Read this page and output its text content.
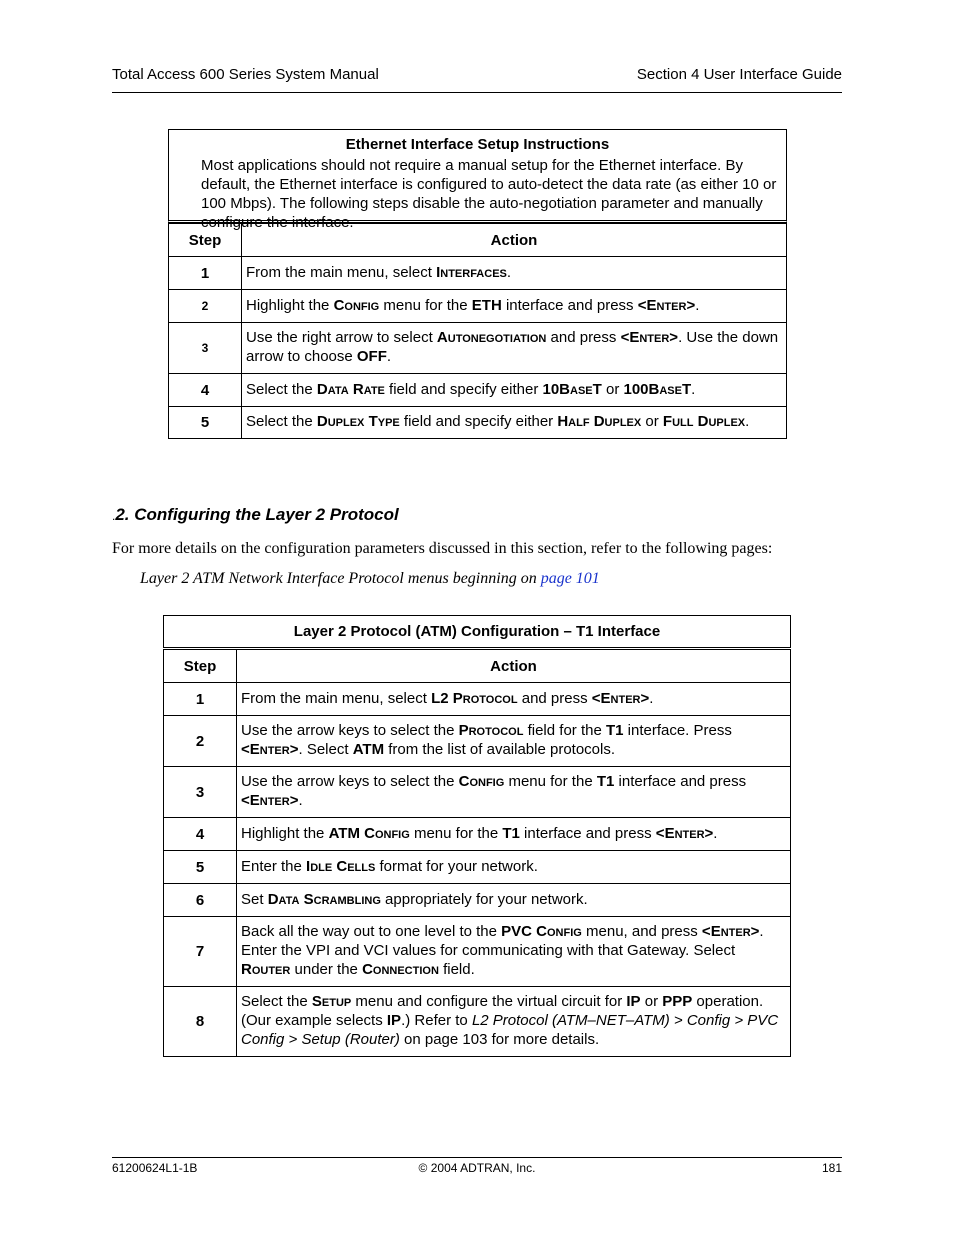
Total Access 600 Series System Manual	Section 4 User Interface Guide
Ethernet Interface Setup Instructions

Most applications should not require a manual setup for the Ethernet interface. By default, the Ethernet interface is configured to auto-detect the data rate (as either 10 or 100 Mbps). The following steps disable the auto-negotiation parameter and manually configure the interface.

Step	Action
1	From the main menu, select Interfaces.
2	Highlight the Config menu for the ETH interface and press <Enter>.
3	Use the right arrow to select Autonegotiation and press <Enter>. Use the down arrow to choose OFF.
4	Select the Data Rate field and specify either 10BaseT or 100BaseT.
5	Select the Duplex Type field and specify either Half Duplex or Full Duplex.
.2. Configuring the Layer 2 Protocol
For more details on the configuration parameters discussed in this section, refer to the following pages:
Layer 2 ATM Network Interface Protocol menus beginning on page 101
Layer 2 Protocol (ATM) Configuration – T1 Interface	
Step	Action
1	From the main menu, select L2 Protocol and press <Enter>.
2	Use the arrow keys to select the Protocol field for the T1 interface. Press <Enter>. Select ATM from the list of available protocols.
3	Use the arrow keys to select the Config menu for the T1 interface and press <Enter>.
4	Highlight the ATM Config menu for the T1 interface and press <Enter>.
5	Enter the Idle Cells format for your network.
6	Set Data Scrambling appropriately for your network.
7	Back all the way out to one level to the PVC Config menu, and press <Enter>. Enter the VPI and VCI values for communicating with that Gateway. Select Router under the Connection field.
8	Select the Setup menu and configure the virtual circuit for IP or PPP operation. (Our example selects IP.) Refer to L2 Protocol (ATM–NET–ATM) > Config > PVC Config > Setup (Router) on page 103 for more details.
61200624L1-1B	© 2004 ADTRAN, Inc.	181
